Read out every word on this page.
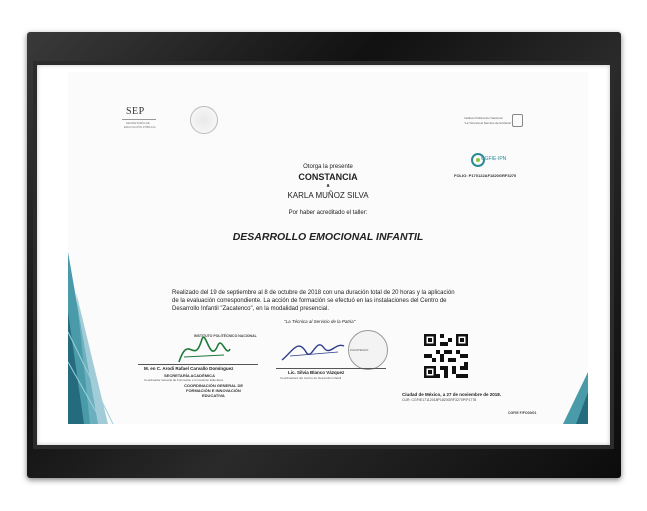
SEP
SECRETARÍA DE
EDUCACIÓN PÚBLICA
Instituto Politécnico Nacional
"La Técnica al Servicio de la Patria"
CGFIE·IPN
FOLIO: P170122AF1820GRF3270
Otorga la presente
CONSTANCIA
a
KARLA MUÑOZ SILVA
Por haber acreditado el taller:
DESARROLLO EMOCIONAL INFANTIL
Realizado del 19 de septiembre al 8 de octubre de 2018 con una duración total de 20 horas y la aplicación
de la evaluación correspondiente. La acción de formación se efectuó en las instalaciones del Centro de
Desarrollo Infantil "Zacatenco", en la modalidad presencial.
"La Técnica al Servicio de la Patria"
INSTITUTO POLITÉCNICO NACIONAL
M. en C. Arodi Rafael Carvallo Domínguez
SECRETARÍA ACADÉMICA
Coordinador General de Formación e Innovación Educativa
COORDINACIÓN GENERAL DE
FORMACIÓN E INNOVACIÓN
EDUCATIVA
ZACATENCO
Lic. Silvia Blanco Vázquez
Coordinadora del Centro de Desarrollo Infantil
Ciudad de México, a 27 de noviembre de 2018.
CUR: CGFIE17112018P1820GRF3270P/P1778
CGFIE F/FO00/01
